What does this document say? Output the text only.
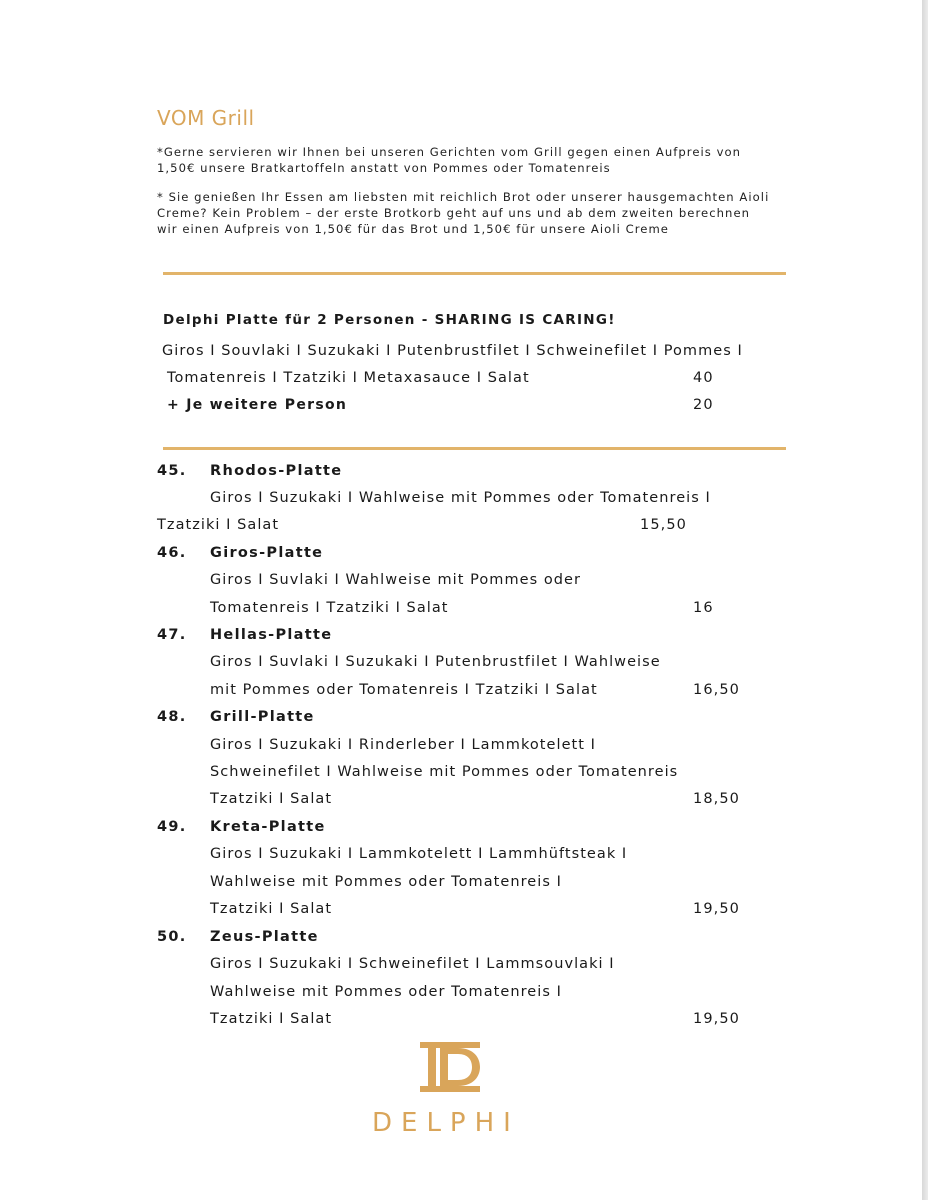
VOM Grill
*Gerne servieren wir Ihnen bei unseren Gerichten vom Grill gegen einen Aufpreis von
1,50€ unsere Bratkartoffeln anstatt von Pommes oder Tomatenreis
* Sie genießen Ihr Essen am liebsten mit reichlich Brot oder unserer hausgemachten Aioli
Creme? Kein Problem – der erste Brotkorb geht auf uns und ab dem zweiten berechnen
wir einen Aufpreis von 1,50€ für das Brot und 1,50€ für unsere Aioli Creme
Delphi Platte für 2 Personen - SHARING IS CARING!
Giros I Souvlaki I Suzukaki I Putenbrustfilet I Schweinefilet I Pommes I
Tomatenreis I Tzatziki I Metaxasauce I Salat	40
+ Je weitere Person	20
45. Rhodos-Platte
Giros I Suzukaki I Wahlweise mit Pommes oder Tomatenreis I
Tzatziki I Salat	15,50
46. Giros-Platte
Giros I Suvlaki I Wahlweise mit Pommes oder
Tomatenreis I Tzatziki I Salat	16
47. Hellas-Platte
Giros I Suvlaki I Suzukaki I Putenbrustfilet I Wahlweise
mit Pommes oder Tomatenreis I Tzatziki I Salat	16,50
48. Grill-Platte
Giros I Suzukaki I Rinderleber I Lammkotelett I
Schweinefilet I Wahlweise mit Pommes oder Tomatenreis
Tzatziki I Salat	18,50
49. Kreta-Platte
Giros I Suzukaki I Lammkotelett I Lammhüftsteak I
Wahlweise mit Pommes oder Tomatenreis I
Tzatziki I Salat	19,50
50. Zeus-Platte
Giros I Suzukaki I Schweinefilet I Lammsouvlaki I
Wahlweise mit Pommes oder Tomatenreis I
Tzatziki I Salat	19,50
DELPHI
